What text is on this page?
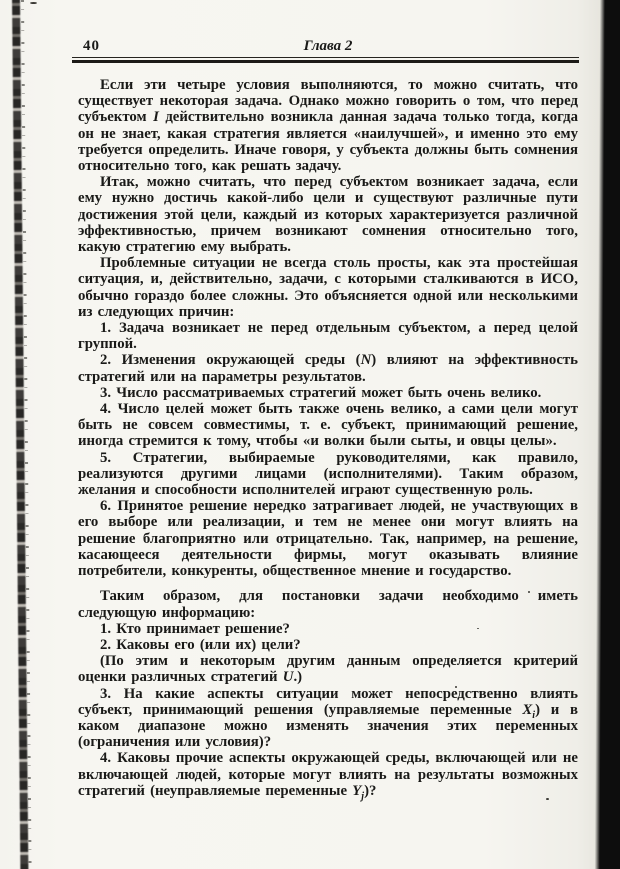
40	Глава 2

Если эти четыре условия выполняются, то можно считать, что существует некоторая задача. Однако можно говорить о том, что перед субъектом I действительно возникла данная задача только тогда, когда он не знает, какая стратегия является «наилучшей», и именно это ему требуется определить. Иначе говоря, у субъекта должны быть сомнения относительно того, как решать задачу.

Итак, можно считать, что перед субъектом возникает задача, если ему нужно достичь какой-либо цели и существуют различные пути достижения этой цели, каждый из которых характеризуется различной эффективностью, причем возникают сомнения относительно того, какую стратегию ему выбрать.

Проблемные ситуации не всегда столь просты, как эта простейшая ситуация, и, действительно, задачи, с которыми сталкиваются в ИСО, обычно гораздо более сложны. Это объясняется одной или несколькими из следующих причин:

1. Задача возникает не перед отдельным субъектом, а перед целой группой.

2. Изменения окружающей среды (N) влияют на эффективность стратегий или на параметры результатов.

3. Число рассматриваемых стратегий может быть очень велико.

4. Число целей может быть также очень велико, а сами цели могут быть не совсем совместимы, т. е. субъект, принимающий решение, иногда стремится к тому, чтобы «и волки были сыты, и овцы целы».

5. Стратегии, выбираемые руководителями, как правило, реализуются другими лицами (исполнителями). Таким образом, желания и способности исполнителей играют существенную роль.

6. Принятое решение нередко затрагивает людей, не участвующих в его выборе или реализации, и тем не менее они могут влиять на решение благоприятно или отрицательно. Так, например, на решение, касающееся деятельности фирмы, могут оказывать влияние потребители, конкуренты, общественное мнение и государство.

Таким образом, для постановки задачи необходимо иметь следующую информацию:

1. Кто принимает решение?

2. Каковы его (или их) цели?

(По этим и некоторым другим данным определяется критерий оценки различных стратегий U.)

3. На какие аспекты ситуации может непосредственно влиять субъект, принимающий решения (управляемые переменные $X_i$) и в каком диапазоне можно изменять значения этих переменных (ограничения или условия)?

4. Каковы прочие аспекты окружающей среды, включающей или не включающей людей, которые могут влиять на результаты возможных стратегий (неуправляемые переменные $Y_j$)?
